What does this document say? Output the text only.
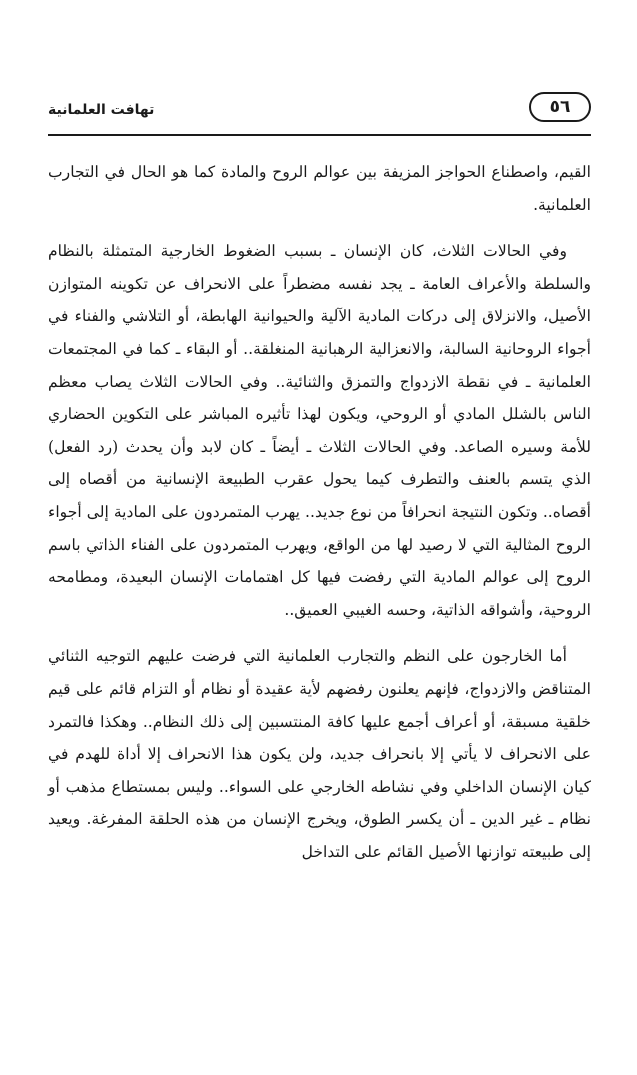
٥٦
تهافت العلمانية

القيم، واصطناع الحواجز المزيفة بين عوالم الروح والمادة كما هو الحال في التجارب العلمانية.

وفي الحالات الثلاث، كان الإنسان ـ بسبب الضغوط الخارجية المتمثلة بالنظام والسلطة والأعراف العامة ـ يجد نفسه مضطراً على الانحراف عن تكوينه المتوازن الأصيل، والانزلاق إلى دركات المادية الآلية والحيوانية الهابطة، أو التلاشي والفناء في أجواء الروحانية السالبة، والانعزالية الرهبانية المنغلقة.. أو البقاء ـ كما في المجتمعات العلمانية ـ في نقطة الازدواج والتمزق والثنائية.. وفي الحالات الثلاث يصاب معظم الناس بالشلل المادي أو الروحي، ويكون لهذا تأثيره المباشر على التكوين الحضاري للأمة وسيره الصاعد. وفي الحالات الثلاث ـ أيضاً ـ كان لابد وأن يحدث (رد الفعل) الذي يتسم بالعنف والتطرف كيما يحول عقرب الطبيعة الإنسانية من أقصاه إلى أقصاه.. وتكون النتيجة انحرافاً من نوع جديد.. يهرب المتمردون على المادية إلى أجواء الروح المثالية التي لا رصيد لها من الواقع، ويهرب المتمردون على الفناء الذاتي باسم الروح إلى عوالم المادية التي رفضت فيها كل اهتمامات الإنسان البعيدة، ومطامحه الروحية، وأشواقه الذاتية، وحسه الغيبي العميق..

أما الخارجون على النظم والتجارب العلمانية التي فرضت عليهم التوجيه الثنائي المتناقض والازدواج، فإنهم يعلنون رفضهم لأية عقيدة أو نظام أو التزام قائم على قيم خلقية مسبقة، أو أعراف أجمع عليها كافة المنتسبين إلى ذلك النظام.. وهكذا فالتمرد على الانحراف لا يأتي إلا بانحراف جديد، ولن يكون هذا الانحراف إلا أداة للهدم في كيان الإنسان الداخلي وفي نشاطه الخارجي على السواء.. وليس بمستطاع مذهب أو نظام ـ غير الدين ـ أن يكسر الطوق، ويخرج الإنسان من هذه الحلقة المفرغة. ويعيد إلى طبيعته توازنها الأصيل القائم على التداخل
